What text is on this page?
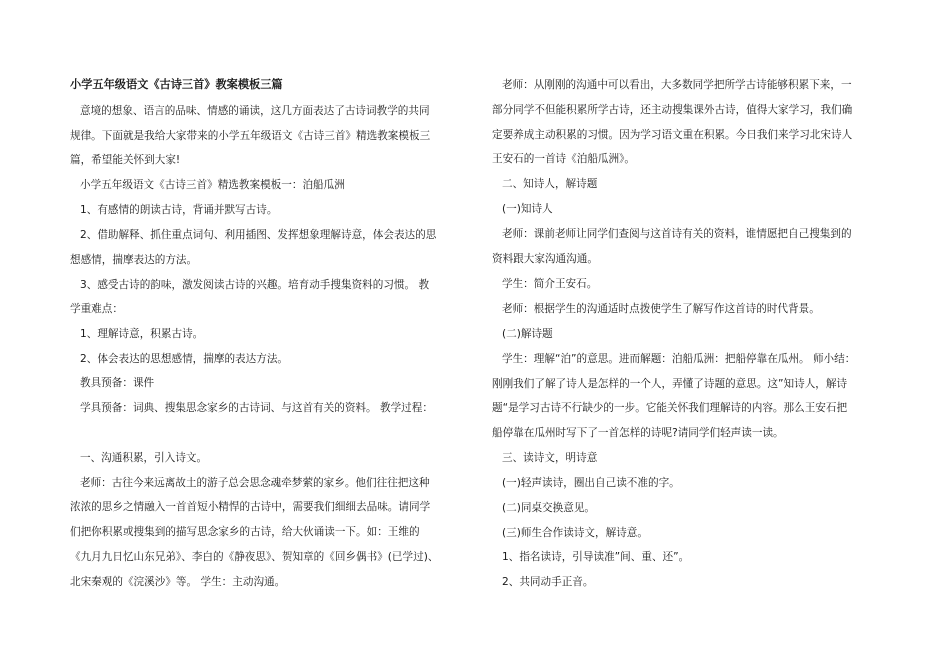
小学五年级语文《古诗三首》教案模板三篇
意境的想象、语言的品味、情感的诵读，这几方面表达了古诗词教学的共同
规律。下面就是我给大家带来的小学五年级语文《古诗三首》精选教案模板三
篇，希望能关怀到大家!
小学五年级语文《古诗三首》精选教案模板一：泊船瓜洲
1、有感情的朗读古诗，背诵并默写古诗。
2、借助解释、抓住重点词句、利用插图、发挥想象理解诗意，体会表达的思
想感情，揣摩表达的方法。
3、感受古诗的韵味，激发阅读古诗的兴趣。培育动手搜集资料的习惯。 教
学重难点：
1、理解诗意，积累古诗。
2、体会表达的思想感情，揣摩的表达方法。
教具预备：课件
学具预备：词典、搜集思念家乡的古诗词、与这首有关的资料。 教学过程：
一、沟通积累，引入诗文。
老师：古往今来远离故土的游子总会思念魂牵梦萦的家乡。他们往往把这种
浓浓的思乡之情融入一首首短小精悍的古诗中，需要我们细细去品味。请同学
们把你积累或搜集到的描写思念家乡的古诗，给大伙诵读一下。如：王维的
《九月九日忆山东兄弟》、李白的《静夜思》、贺知章的《回乡偶书》(已学过)、
北宋秦观的《浣溪沙》等。 学生：主动沟通。
老师：从刚刚的沟通中可以看出，大多数同学把所学古诗能够积累下来，一
部分同学不但能积累所学古诗，还主动搜集课外古诗，值得大家学习，我们确
定要养成主动积累的习惯。因为学习语文重在积累。今日我们来学习北宋诗人
王安石的一首诗《泊船瓜洲》。
二、知诗人，解诗题
(一)知诗人
老师：课前老师让同学们查阅与这首诗有关的资料，谁情愿把自己搜集到的
资料跟大家沟通沟通。
学生：简介王安石。
老师：根据学生的沟通适时点拨使学生了解写作这首诗的时代背景。
(二)解诗题
学生：理解“泊”的意思。进而解题：泊船瓜洲：把船停靠在瓜州。 师小结：
刚刚我们了解了诗人是怎样的一个人，弄懂了诗题的意思。这”知诗人，解诗
题“是学习古诗不行缺少的一步。它能关怀我们理解诗的内容。那么王安石把
船停靠在瓜州时写下了一首怎样的诗呢?请同学们轻声读一读。
三、读诗文，明诗意
(一)轻声读诗，圈出自己读不准的字。
(二)同桌交换意见。
(三)师生合作读诗文，解诗意。
1、指名读诗，引导读准”间、重、还”。
2、共同动手正音。
